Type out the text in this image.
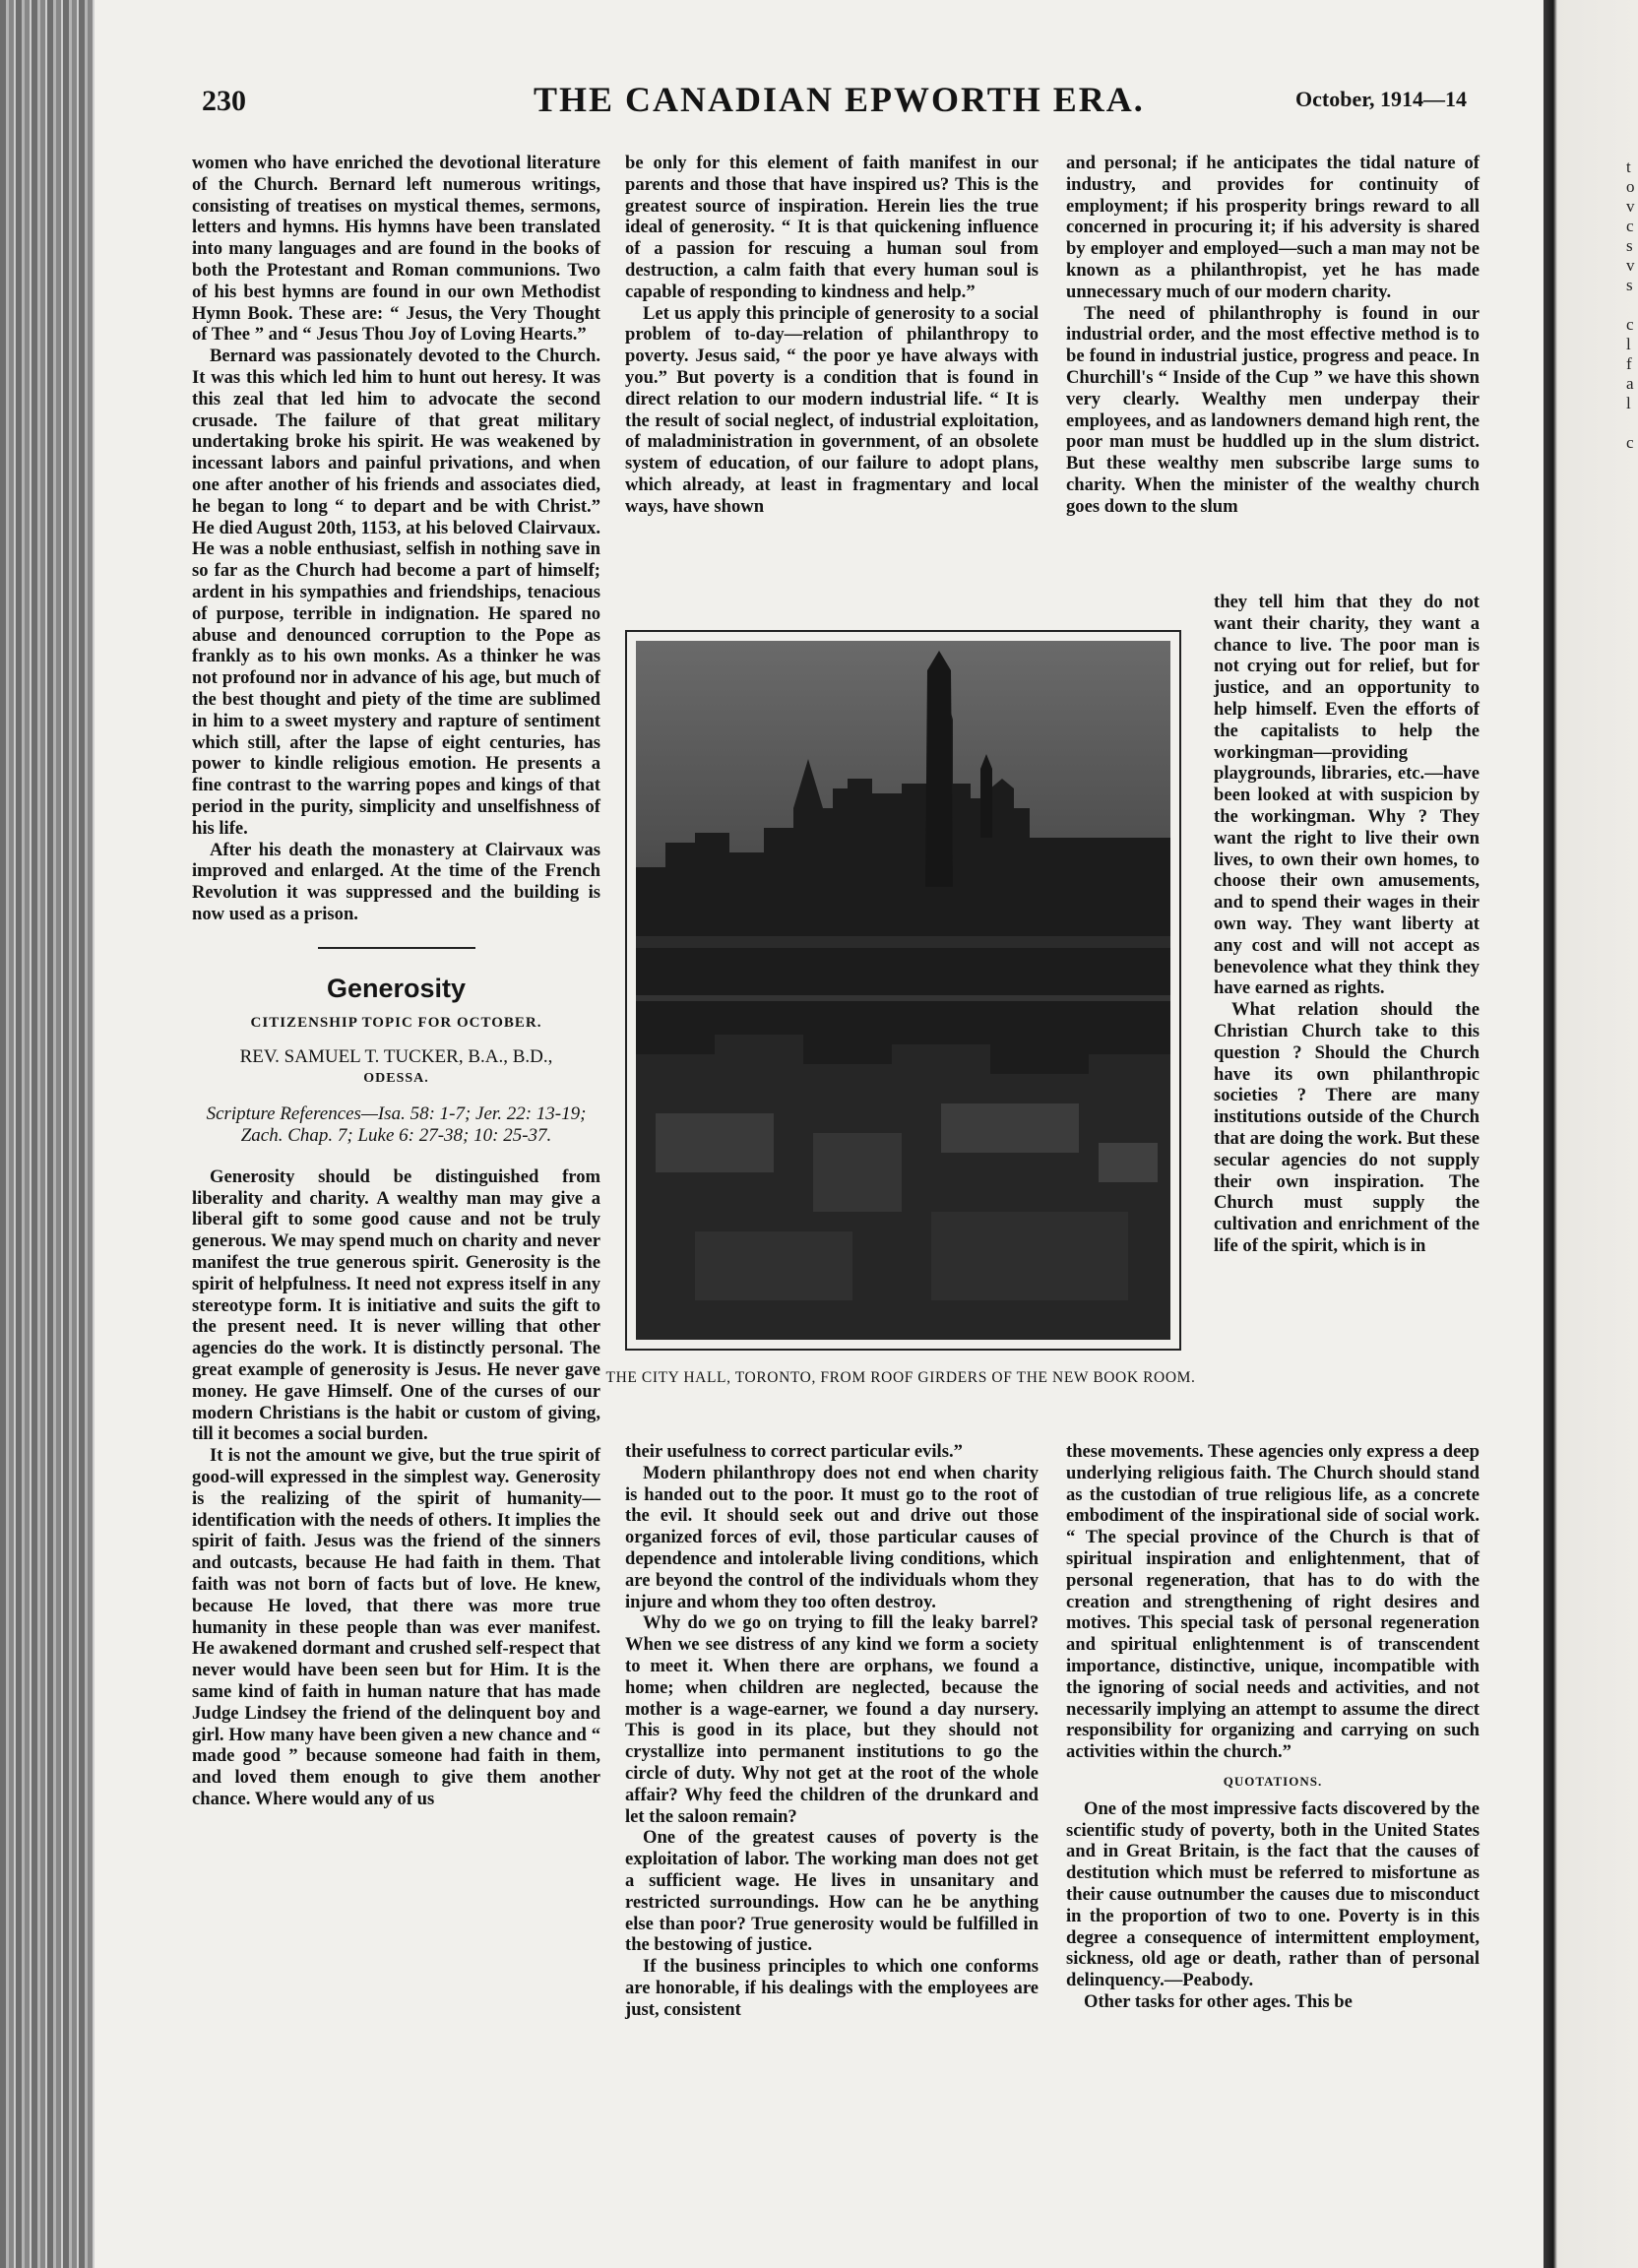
t
o
v
c
s
v
s

c
l
f
a
l

c
230	THE CANADIAN EPWORTH ERA.	October, 1914—14

women who have enriched the devotional literature of the Church. Bernard left numerous writings, consisting of treatises on mystical themes, sermons, letters and hymns. His hymns have been translated into many languages and are found in the books of both the Protestant and Roman communions. Two of his best hymns are found in our own Methodist Hymn Book. These are: “ Jesus, the Very Thought of Thee ” and “ Jesus Thou Joy of Loving Hearts.”

Bernard was passionately devoted to the Church. It was this which led him to hunt out heresy. It was this zeal that led him to advocate the second crusade. The failure of that great military undertaking broke his spirit. He was weakened by incessant labors and painful privations, and when one after another of his friends and associates died, he began to long “ to depart and be with Christ.” He died August 20th, 1153, at his beloved Clairvaux. He was a noble enthusiast, selfish in nothing save in so far as the Church had become a part of himself; ardent in his sympathies and friendships, tenacious of purpose, terrible in indignation. He spared no abuse and denounced corruption to the Pope as frankly as to his own monks. As a thinker he was not profound nor in advance of his age, but much of the best thought and piety of the time are sublimed in him to a sweet mystery and rapture of sentiment which still, after the lapse of eight centuries, has power to kindle religious emotion. He presents a fine contrast to the warring popes and kings of that period in the purity, simplicity and unselfishness of his life.

After his death the monastery at Clairvaux was improved and enlarged. At the time of the French Revolution it was suppressed and the building is now used as a prison.

Generosity
CITIZENSHIP TOPIC FOR OCTOBER.
REV. SAMUEL T. TUCKER, B.A., B.D.,
ODESSA.
Scripture References—Isa. 58: 1-7; Jer. 22: 13-19; Zach. Chap. 7; Luke 6: 27-38; 10: 25-37.

Generosity should be distinguished from liberality and charity. A wealthy man may give a liberal gift to some good cause and not be truly generous. We may spend much on charity and never manifest the true generous spirit. Generosity is the spirit of helpfulness. It need not express itself in any stereotype form. It is initiative and suits the gift to the present need. It is never willing that other agencies do the work. It is distinctly personal. The great example of generosity is Jesus. He never gave money. He gave Himself. One of the curses of our modern Christians is the habit or custom of giving, till it becomes a social burden.

It is not the amount we give, but the true spirit of good-will expressed in the simplest way. Generosity is the realizing of the spirit of humanity—identification with the needs of others. It implies the spirit of faith. Jesus was the friend of the sinners and outcasts, because He had faith in them. That faith was not born of facts but of love. He knew, because He loved, that there was more true humanity in these people than was ever manifest. He awakened dormant and crushed self-respect that never would have been seen but for Him. It is the same kind of faith in human nature that has made Judge Lindsey the friend of the delinquent boy and girl. How many have been given a new chance and “ made good ” because someone had faith in them, and loved them enough to give them another chance. Where would any of us

be only for this element of faith manifest in our parents and those that have inspired us? This is the greatest source of inspiration. Herein lies the true ideal of generosity. “ It is that quickening influence of a passion for rescuing a human soul from destruction, a calm faith that every human soul is capable of responding to kindness and help.”

Let us apply this principle of generosity to a social problem of to-day—relation of philanthropy to poverty. Jesus said, “ the poor ye have always with you.” But poverty is a condition that is found in direct relation to our modern industrial life. “ It is the result of social neglect, of industrial exploitation, of maladministration in government, of an obsolete system of education, of our failure to adopt plans, which already, at least in fragmentary and local ways, have shown

THE CITY HALL, TORONTO, FROM ROOF GIRDERS OF THE NEW BOOK ROOM.

their usefulness to correct particular evils.”

Modern philanthropy does not end when charity is handed out to the poor. It must go to the root of the evil. It should seek out and drive out those organized forces of evil, those particular causes of dependence and intolerable living conditions, which are beyond the control of the individuals whom they injure and whom they too often destroy.

Why do we go on trying to fill the leaky barrel? When we see distress of any kind we form a society to meet it. When there are orphans, we found a home; when children are neglected, because the mother is a wage-earner, we found a day nursery. This is good in its place, but they should not crystallize into permanent institutions to go the circle of duty. Why not get at the root of the whole affair? Why feed the children of the drunkard and let the saloon remain?

One of the greatest causes of poverty is the exploitation of labor. The working man does not get a sufficient wage. He lives in unsanitary and restricted surroundings. How can he be anything else than poor? True generosity would be fulfilled in the bestowing of justice.

If the business principles to which one conforms are honorable, if his dealings with the employees are just, consistent

and personal; if he anticipates the tidal nature of industry, and provides for continuity of employment; if his prosperity brings reward to all concerned in procuring it; if his adversity is shared by employer and employed—such a man may not be known as a philanthropist, yet he has made unnecessary much of our modern charity.

The need of philanthrophy is found in our industrial order, and the most effective method is to be found in industrial justice, progress and peace. In Churchill's “ Inside of the Cup ” we have this shown very clearly. Wealthy men underpay their employees, and as landowners demand high rent, the poor man must be huddled up in the slum district. But these wealthy men subscribe large sums to charity. When the minister of the wealthy church goes down to the slum

they tell him that they do not want their charity, they want a chance to live. The poor man is not crying out for relief, but for justice, and an opportunity to help himself. Even the efforts of the capitalists to help the workingman—providing playgrounds, libraries, etc.—have been looked at with suspicion by the workingman. Why ? They want the right to live their own lives, to own their own homes, to choose their own amusements, and to spend their wages in their own way. They want liberty at any cost and will not accept as benevolence what they think they have earned as rights.

What relation should the Christian Church take to this question ? Should the Church have its own philanthropic societies ? There are many institutions outside of the Church that are doing the work. But these secular agencies do not supply their own inspiration. The Church must supply the cultivation and enrichment of the life of the spirit, which is in

these movements. These agencies only express a deep underlying religious faith. The Church should stand as the custodian of true religious life, as a concrete embodiment of the inspirational side of social work. “ The special province of the Church is that of spiritual inspiration and enlightenment, that of personal regeneration, that has to do with the creation and strengthening of right desires and motives. This special task of personal regeneration and spiritual enlightenment is of transcendent importance, distinctive, unique, incompatible with the ignoring of social needs and activities, and not necessarily implying an attempt to assume the direct responsibility for organizing and carrying on such activities within the church.”

QUOTATIONS.

One of the most impressive facts discovered by the scientific study of poverty, both in the United States and in Great Britain, is the fact that the causes of destitution which must be referred to misfortune as their cause outnumber the causes due to misconduct in the proportion of two to one. Poverty is in this degree a consequence of intermittent employment, sickness, old age or death, rather than of personal delinquency.—Peabody.

Other tasks for other ages. This be
